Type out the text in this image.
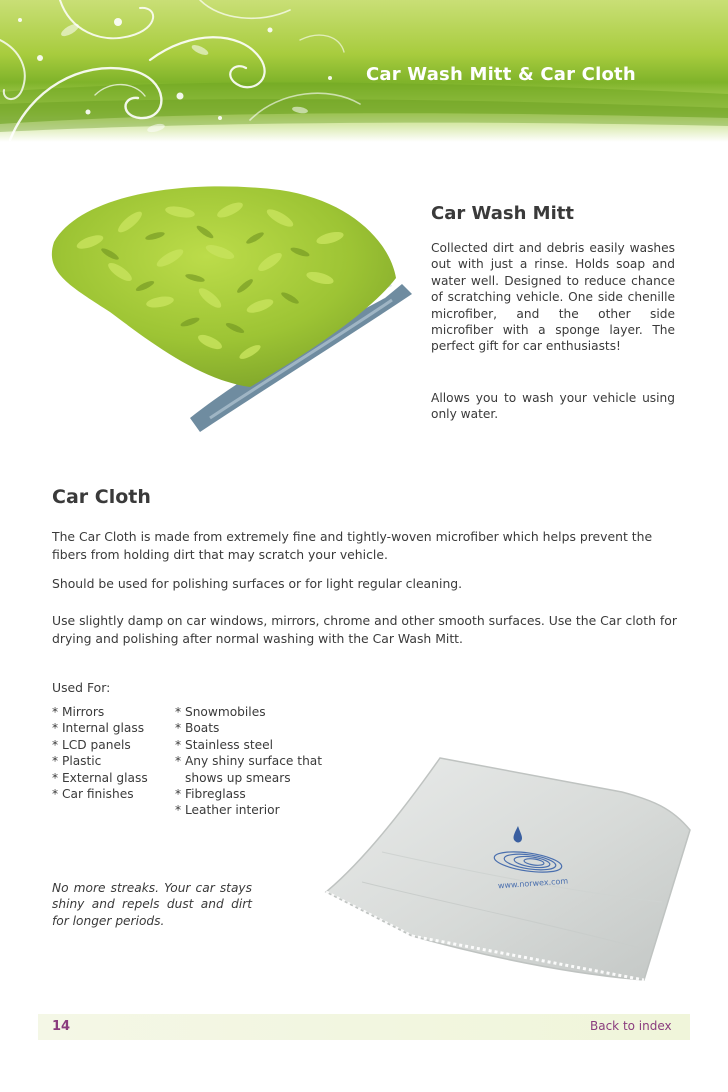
Car Wash Mitt & Car Cloth
Car Wash Mitt

Collected dirt and debris easily washes out with just a rinse. Holds soap and water well. Designed to reduce chance of scratching vehicle. One side chenille microfiber, and the other side microfiber with a sponge layer. The perfect gift for car enthusiasts!

Allows you to wash your vehicle using only water.

Car Cloth

The Car Cloth is made from extremely fine and tightly-woven microfiber which helps prevent the fibers from holding dirt that may scratch your vehicle.

Should be used for polishing surfaces or for light regular cleaning.

Use slightly damp on car windows, mirrors, chrome and other smooth surfaces. Use the Car cloth for drying and polishing after normal washing with the Car Wash Mitt.

Used For:

* Mirrors
* Internal glass
* LCD panels
* Plastic
* External glass
* Car finishes
* Snowmobiles
* Boats
* Stainless steel
* Any shiny surface that
shows up smears
* Fibreglass
* Leather interior

No more streaks. Your car stays shiny and repels dust and dirt for longer periods.

www.norwex.com
14	Back to index
